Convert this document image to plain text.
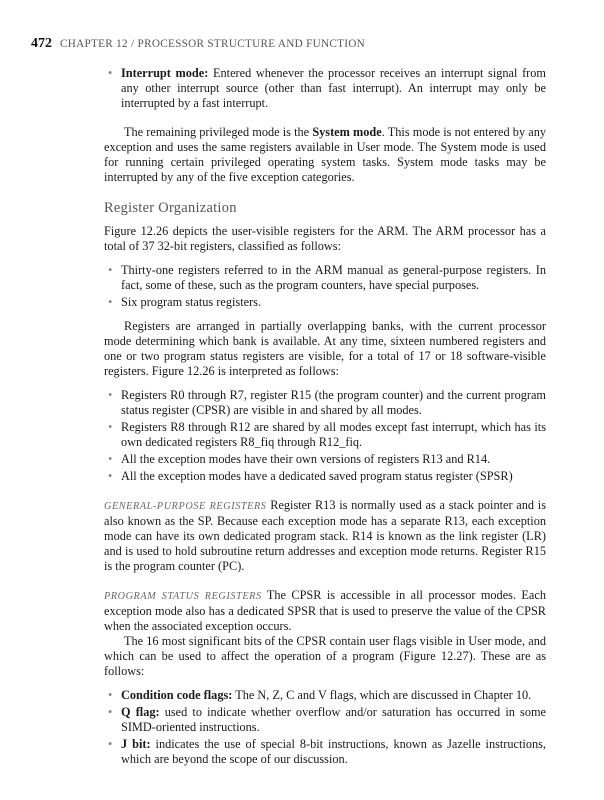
472 CHAPTER 12 / PROCESSOR STRUCTURE AND FUNCTION

• Interrupt mode: Entered whenever the processor receives an interrupt signal from any other interrupt source (other than fast interrupt). An interrupt may only be interrupted by a fast interrupt.

The remaining privileged mode is the System mode. This mode is not entered by any exception and uses the same registers available in User mode. The System mode is used for running certain privileged operating system tasks. System mode tasks may be interrupted by any of the five exception categories.

Register Organization

Figure 12.26 depicts the user-visible registers for the ARM. The ARM processor has a total of 37 32-bit registers, classified as follows:

• Thirty-one registers referred to in the ARM manual as general-purpose registers. In fact, some of these, such as the program counters, have special purposes.

• Six program status registers.

Registers are arranged in partially overlapping banks, with the current processor mode determining which bank is available. At any time, sixteen numbered registers and one or two program status registers are visible, for a total of 17 or 18 software-visible registers. Figure 12.26 is interpreted as follows:

• Registers R0 through R7, register R15 (the program counter) and the current program status register (CPSR) are visible in and shared by all modes.

• Registers R8 through R12 are shared by all modes except fast interrupt, which has its own dedicated registers R8_fiq through R12_fiq.

• All the exception modes have their own versions of registers R13 and R14.

• All the exception modes have a dedicated saved program status register (SPSR)

GENERAL-PURPOSE REGISTERS Register R13 is normally used as a stack pointer and is also known as the SP. Because each exception mode has a separate R13, each exception mode can have its own dedicated program stack. R14 is known as the link register (LR) and is used to hold subroutine return addresses and exception mode returns. Register R15 is the program counter (PC).

PROGRAM STATUS REGISTERS The CPSR is accessible in all processor modes. Each exception mode also has a dedicated SPSR that is used to preserve the value of the CPSR when the associated exception occurs.

The 16 most significant bits of the CPSR contain user flags visible in User mode, and which can be used to affect the operation of a program (Figure 12.27). These are as follows:

• Condition code flags: The N, Z, C and V flags, which are discussed in Chapter 10.

• Q flag: used to indicate whether overflow and/or saturation has occurred in some SIMD-oriented instructions.

• J bit: indicates the use of special 8-bit instructions, known as Jazelle instructions, which are beyond the scope of our discussion.
